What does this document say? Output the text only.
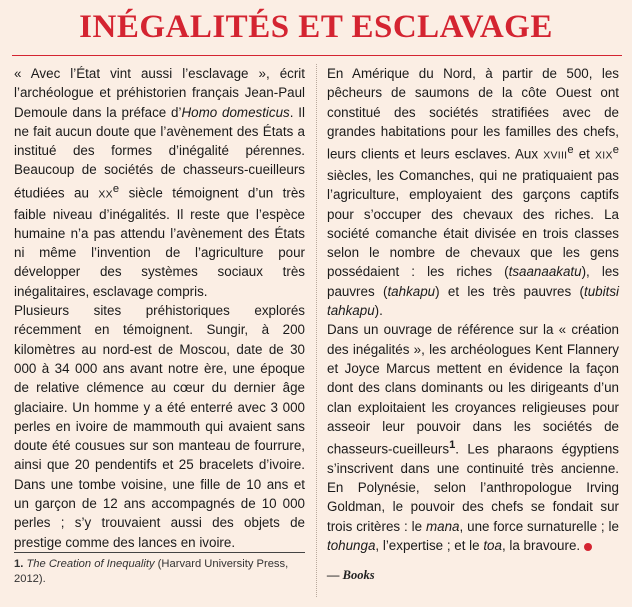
INÉGALITÉS ET ESCLAVAGE

« Avec l’État vint aussi l’esclavage », écrit l’archéologue et préhistorien français Jean-Paul Demoule dans la préface d’Homo domesticus. Il ne fait aucun doute que l’avènement des États a institué des formes d’inégalité pérennes. Beaucoup de sociétés de chasseurs-cueilleurs étudiées au XXe siècle témoignent d’un très faible niveau d’inégalités. Il reste que l’espèce humaine n’a pas attendu l’avènement des États ni même l’invention de l’agriculture pour développer des systèmes sociaux très inégalitaires, esclavage compris.

Plusieurs sites préhistoriques explorés récemment en témoignent. Sungir, à 200 kilomètres au nord-est de Moscou, date de 30 000 à 34 000 ans avant notre ère, une époque de relative clémence au cœur du dernier âge glaciaire. Un homme y a été enterré avec 3 000 perles en ivoire de mammouth qui avaient sans doute été cousues sur son manteau de fourrure, ainsi que 20 pendentifs et 25 bracelets d’ivoire. Dans une tombe voisine, une fille de 10 ans et un garçon de 12 ans accompagnés de 10 000 perles ; s’y trouvaient aussi des objets de prestige comme des lances en ivoire.

En Amérique du Nord, à partir de 500, les pêcheurs de saumons de la côte Ouest ont constitué des sociétés stratifiées avec de grandes habitations pour les familles des chefs, leurs clients et leurs esclaves. Aux XVIIIe et XIXe siècles, les Comanches, qui ne pratiquaient pas l’agriculture, employaient des garçons captifs pour s’occuper des chevaux des riches. La société comanche était divisée en trois classes selon le nombre de chevaux que les gens possédaient : les riches (tsaanaakatu), les pauvres (tahkapu) et les très pauvres (tubitsi tahkapu).

Dans un ouvrage de référence sur la « création des inégalités », les archéologues Kent Flannery et Joyce Marcus mettent en évidence la façon dont des clans dominants ou les dirigeants d’un clan exploitaient les croyances religieuses pour asseoir leur pouvoir dans les sociétés de chasseurs-cueilleurs$^1$. Les pharaons égyptiens s’inscrivent dans une continuité très ancienne. En Polynésie, selon l’anthropologue Irving Goldman, le pouvoir des chefs se fondait sur trois critères : le mana, une force surnaturelle ; le tohunga, l’expertise ; et le toa, la bravoure.

1. The Creation of Inequality (Harvard University Press, 2012).	— Books
